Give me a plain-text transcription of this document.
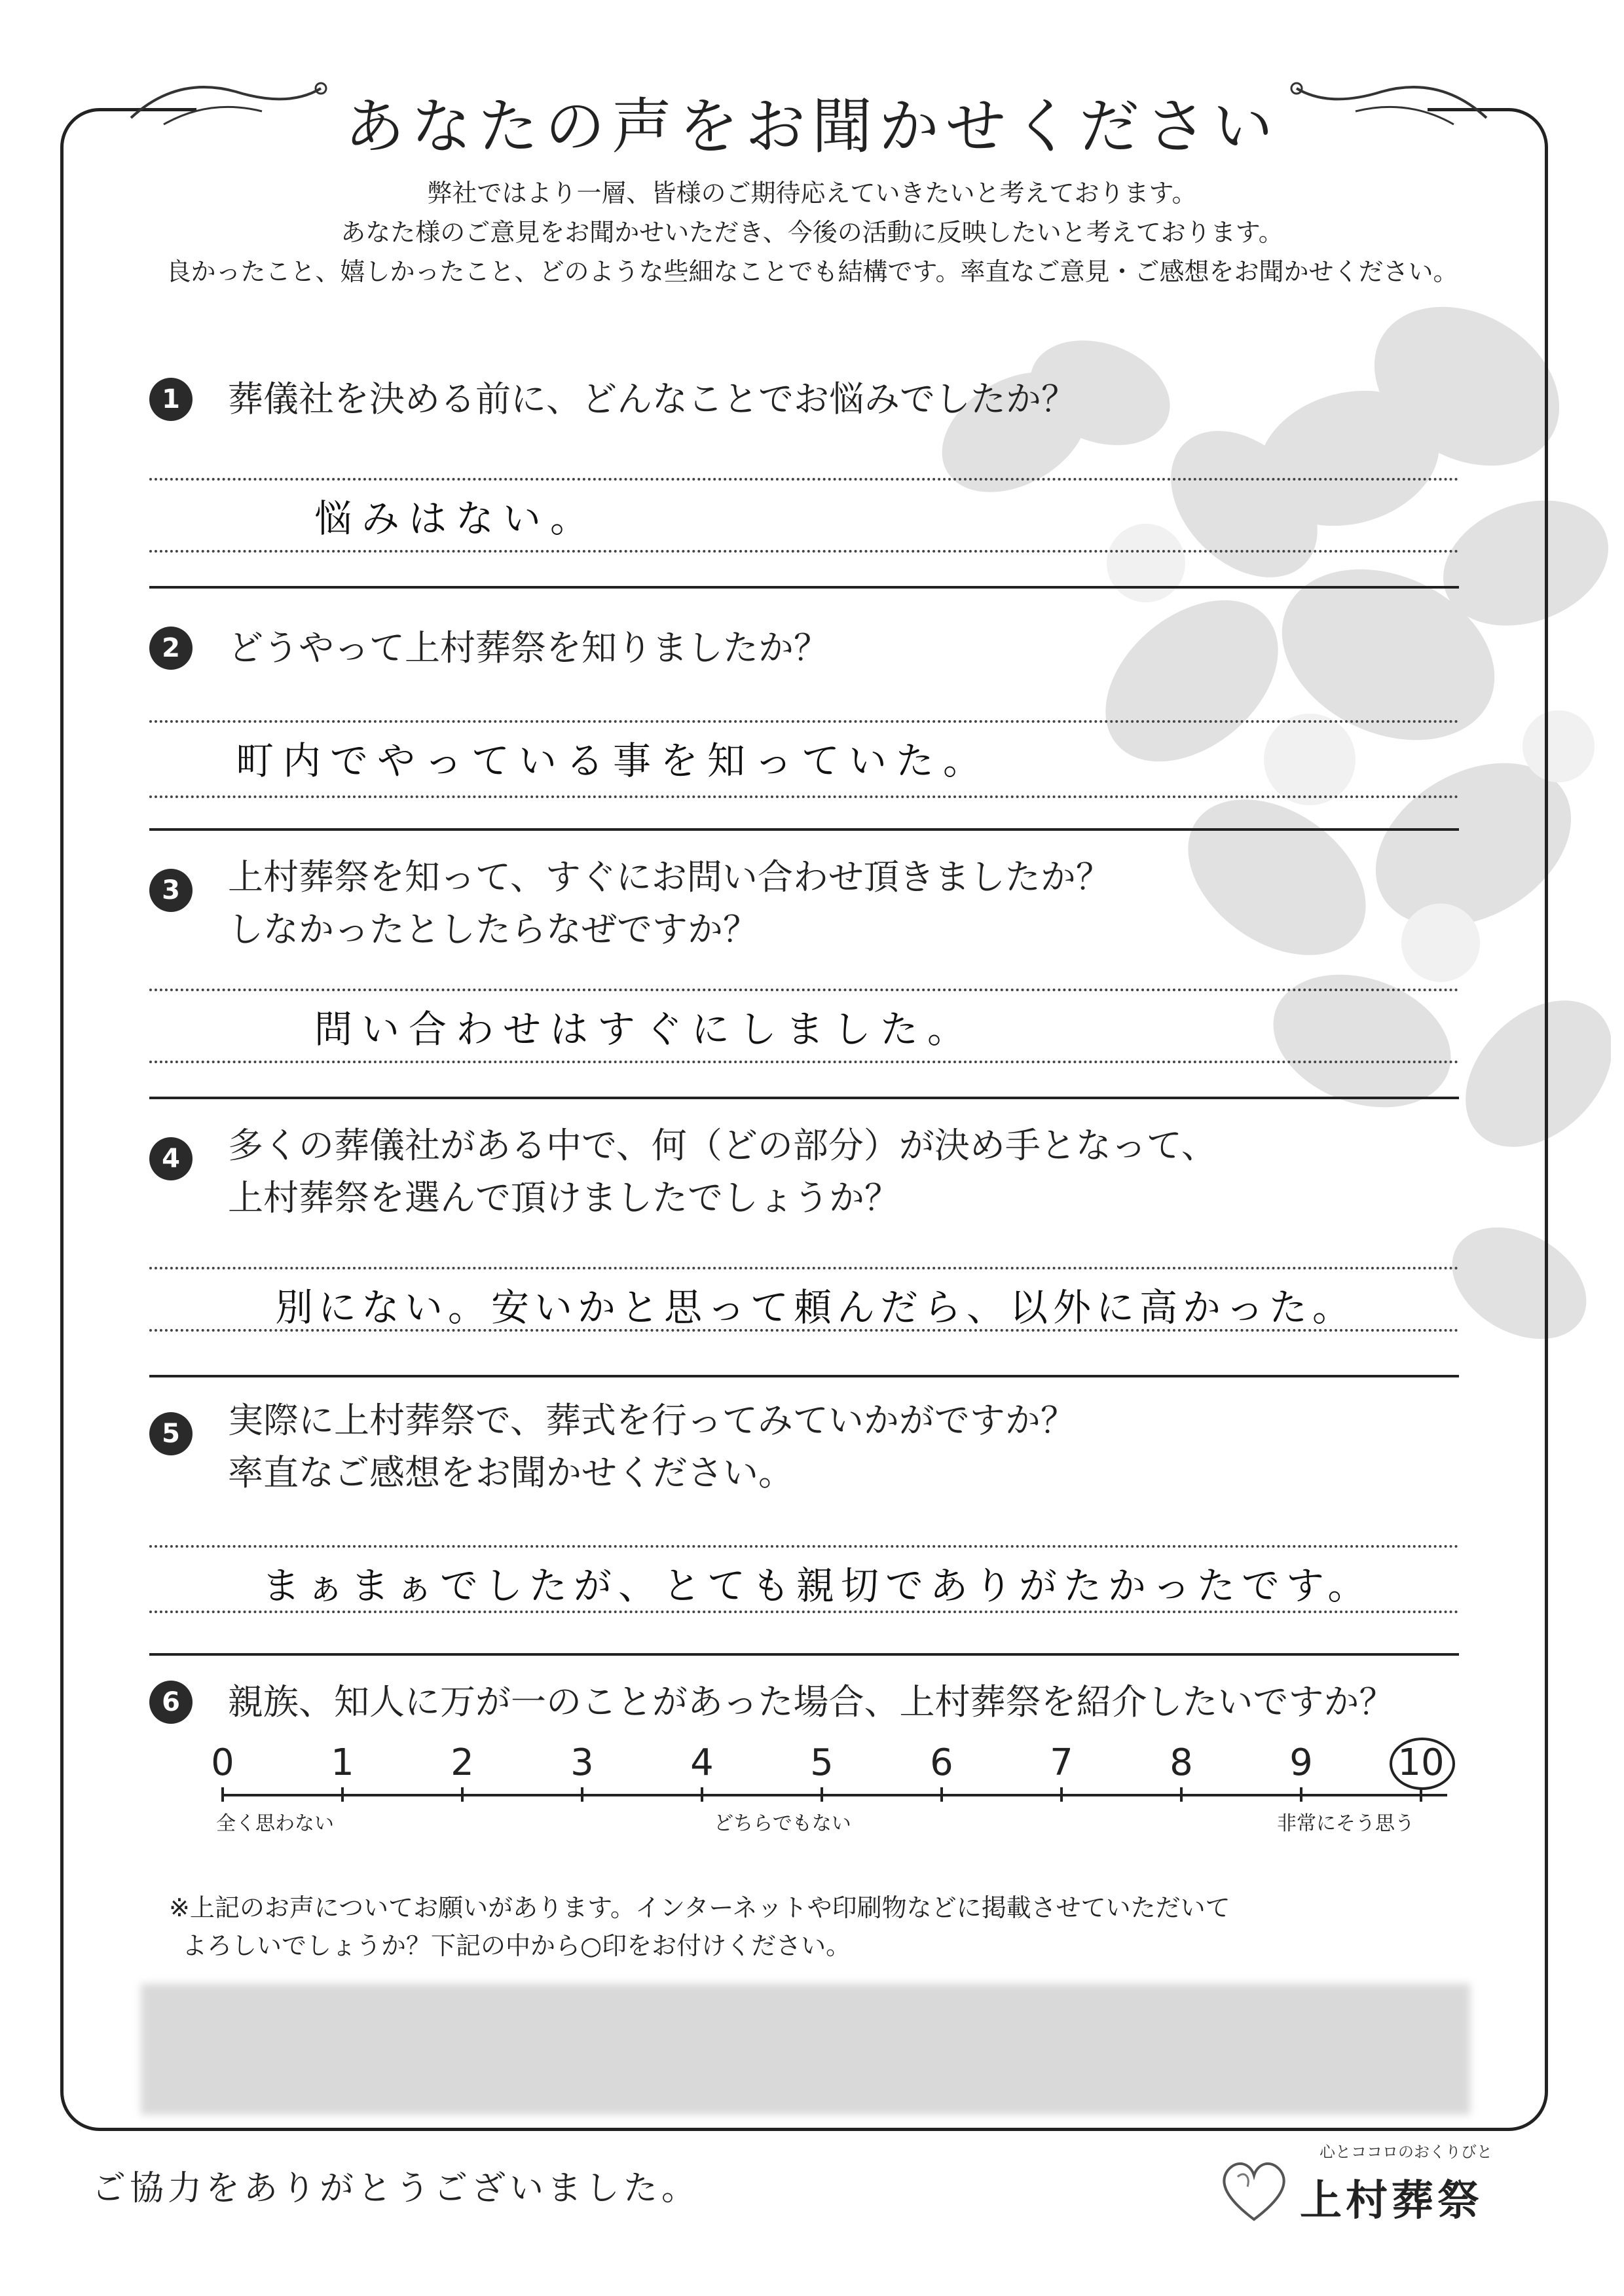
あなたの声をお聞かせください
弊社ではより一層、皆様のご期待応えていきたいと考えております。
あなた様のご意見をお聞かせいただき、今後の活動に反映したいと考えております。
良かったこと、嬉しかったこと、どのような些細なことでも結構です。率直なご意見・ご感想をお聞かせください。
1	葬儀社を決める前に、どんなことでお悩みでしたか？
悩みはない。
2	どうやって上村葬祭を知りましたか？
町内でやっている事を知っていた。
3	上村葬祭を知って、すぐにお問い合わせ頂きましたか？
しなかったとしたらなぜですか？
問い合わせはすぐにしました。
4	多くの葬儀社がある中で、何（どの部分）が決め手となって、
上村葬祭を選んで頂けましたでしょうか？
別にない。安いかと思って頼んだら、以外に高かった。
5	実際に上村葬祭で、葬式を行ってみていかがですか？
率直なご感想をお聞かせください。
まぁまぁでしたが、とても親切でありがたかったです。
6	親族、知人に万が一のことがあった場合、上村葬祭を紹介したいですか？
0	1	2	3	4	5	6	7	8	9	10
全く思わない	どちらでもない	非常にそう思う
※上記のお声についてお願いがあります。インターネットや印刷物などに掲載させていただいて
よろしいでしょうか？下記の中から○印をお付けください。
ご協力をありがとうございました。
心とココロのおくりびと
上村葬祭
